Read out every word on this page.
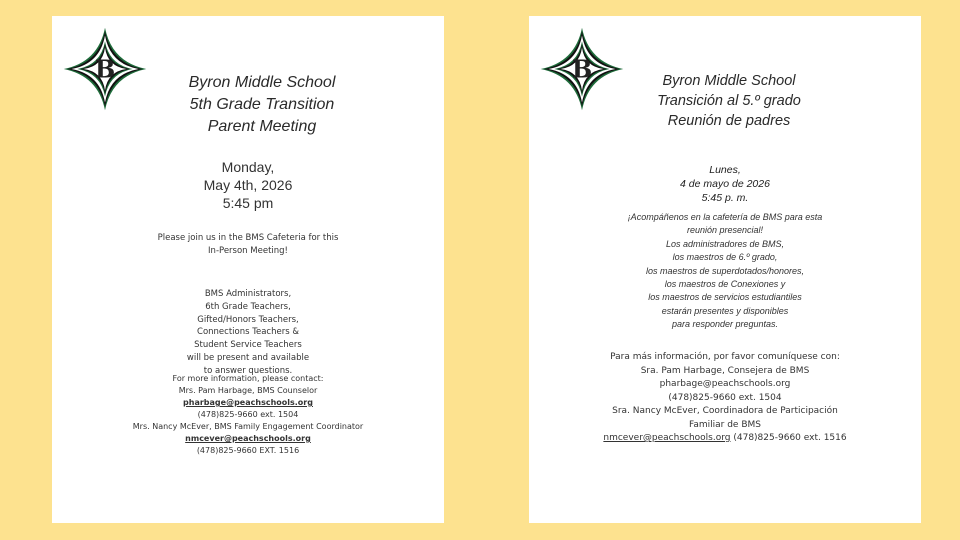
B	Byron Middle School
5th Grade Transition
Parent Meeting
Monday,
May 4th, 2026
5:45 pm
Please join us in the BMS Cafeteria for this
In-Person Meeting!
BMS Administrators,
6th Grade Teachers,
Gifted/Honors Teachers,
Connections Teachers &
Student Service Teachers
will be present and available
to answer questions.
For more information, please contact:
Mrs. Pam Harbage, BMS Counselor
pharbage@peachschools.org
(478)825-9660 ext. 1504
Mrs. Nancy McEver, BMS Family Engagement Coordinator
nmcever@peachschools.org
(478)825-9660 EXT. 1516
B	Byron Middle School
Transición al 5.º grado
Reunión de padres
Lunes,
4 de mayo de 2026
5:45 p. m.
¡Acompáñenos en la cafetería de BMS para esta
reunión presencial!
Los administradores de BMS,
los maestros de 6.º grado,
los maestros de superdotados/honores,
los maestros de Conexiones y
los maestros de servicios estudiantiles
estarán presentes y disponibles
para responder preguntas.
Para más información, por favor comuníquese con:
Sra. Pam Harbage, Consejera de BMS
pharbage@peachschools.org
(478)825-9660 ext. 1504
Sra. Nancy McEver, Coordinadora de Participación
Familiar de BMS
nmcever@peachschools.org (478)825-9660 ext. 1516
